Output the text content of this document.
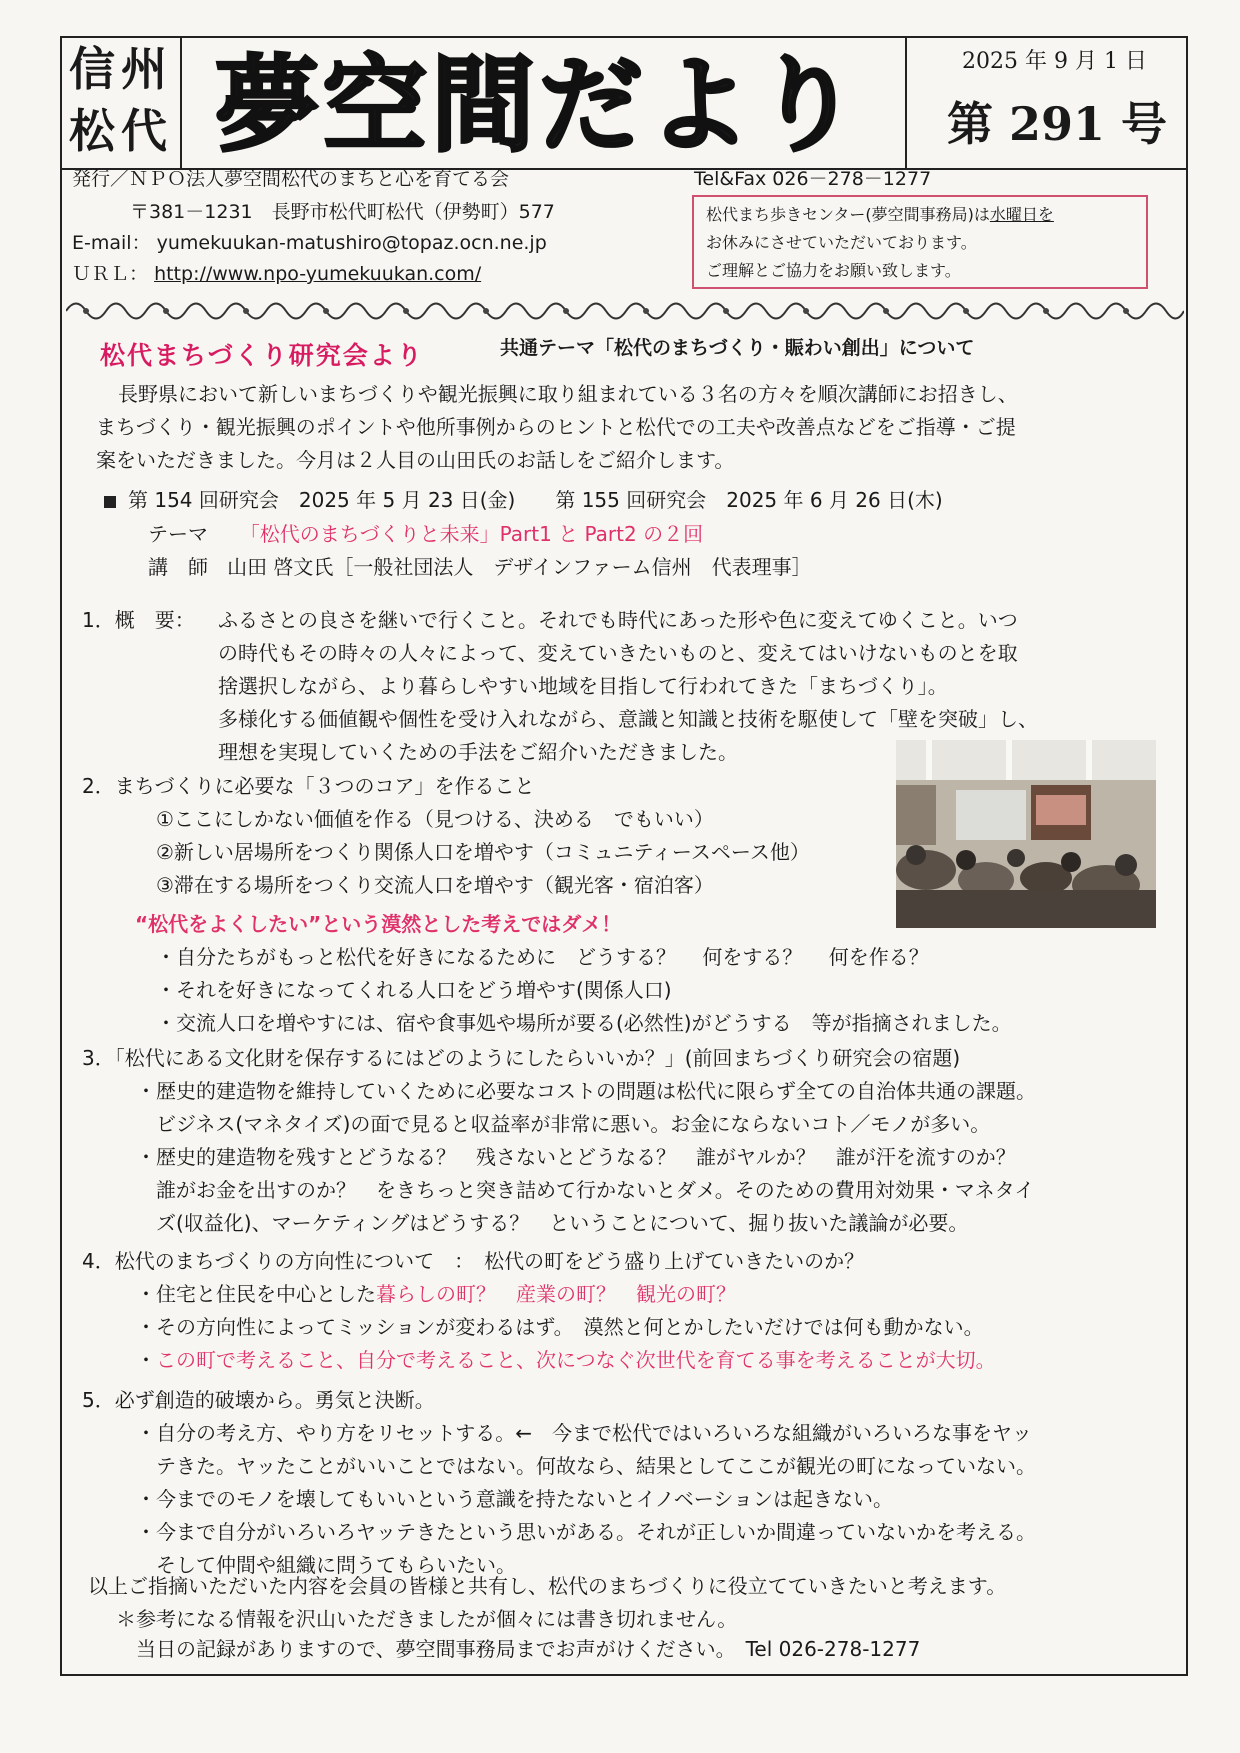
信州
松代 夢空間だより	2025 年 9 月 1 日
第 291 号
発行／ＮＰＯ法人夢空間松代のまちと心を育てる会
〒381－1231　長野市松代町松代（伊勢町）577
E-mail： yumekuukan-matushiro@topaz.ocn.ne.jp
ＵＲＬ： http://www.npo-yumekuukan.com/
Tel&Fax 026－278－1277
松代まち歩きセンター(夢空間事務局)は水曜日を
お休みにさせていただいております。
ご理解とご協力をお願い致します。
松代まちづくり研究会より	共通テーマ「松代のまちづくり・賑わい創出」について
長野県において新しいまちづくりや観光振興に取り組まれている３名の方々を順次講師にお招きし、
まちづくり・観光振興のポイントや他所事例からのヒントと松代での工夫や改善点などをご指導・ご提
案をいただきました。今月は２人目の山田氏のお話しをご紹介します。
第 154 回研究会　2025 年 5 月 23 日(金)　　第 155 回研究会　2025 年 6 月 26 日(木)
テーマ 「松代のまちづくりと未来」Part1 と Part2 の２回
講　師 山田 啓文氏［一般社団法人　デザインファーム信州　代表理事］
1．概　要： ふるさとの良さを継いで行くこと。それでも時代にあった形や色に変えてゆくこと。いつ
の時代もその時々の人々によって、変えていきたいものと、変えてはいけないものとを取
捨選択しながら、より暮らしやすい地域を目指して行われてきた「まちづくり」。
多様化する価値観や個性を受け入れながら、意識と知識と技術を駆使して「壁を突破」し、
理想を実現していくための手法をご紹介いただきました。
2．まちづくりに必要な「３つのコア」を作ること
①ここにしかない価値を作る（見つける、決める　でもいい）
②新しい居場所をつくり関係人口を増やす（コミュニティースペース他）
③滞在する場所をつくり交流人口を増やす（観光客・宿泊客）
“松代をよくしたい”という漠然とした考えではダメ！
・自分たちがもっと松代を好きになるために　どうする？　 何をする？　 何を作る？
・それを好きになってくれる人口をどう増やす(関係人口)
・交流人口を増やすには、宿や食事処や場所が要る(必然性)がどうする　等が指摘されました。
3．「松代にある文化財を保存するにはどのようにしたらいいか？」(前回まちづくり研究会の宿題)
・歴史的建造物を維持していくために必要なコストの問題は松代に限らず全ての自治体共通の課題。
ビジネス(マネタイズ)の面で見ると収益率が非常に悪い。お金にならないコト／モノが多い。
・歴史的建造物を残すとどうなる？　残さないとどうなる？　誰がヤルか？　誰が汗を流すのか？
誰がお金を出すのか？　をきちっと突き詰めて行かないとダメ。そのための費用対効果・マネタイ
ズ(収益化)、マーケティングはどうする？　ということについて、掘り抜いた議論が必要。
4．松代のまちづくりの方向性について　：　松代の町をどう盛り上げていきたいのか？
・住宅と住民を中心とした暮らしの町？　産業の町？　観光の町？
・その方向性によってミッションが変わるはず。　漠然と何とかしたいだけでは何も動かない。
・この町で考えること、自分で考えること、次につなぐ次世代を育てる事を考えることが大切。
5．必ず創造的破壊から。勇気と決断。
・自分の考え方、やり方をリセットする。←　今まで松代ではいろいろな組織がいろいろな事をヤッ
テきた。ヤッたことがいいことではない。何故なら、結果としてここが観光の町になっていない。
・今までのモノを壊してもいいという意識を持たないとイノベーションは起きない。
・今まで自分がいろいろヤッテきたという思いがある。それが正しいか間違っていないかを考える。
そして仲間や組織に問うてもらいたい。
以上ご指摘いただいた内容を会員の皆様と共有し、松代のまちづくりに役立てていきたいと考えます。
＊参考になる情報を沢山いただきましたが個々には書き切れません。
当日の記録がありますので、夢空間事務局までお声がけください。　Tel 026-278-1277
